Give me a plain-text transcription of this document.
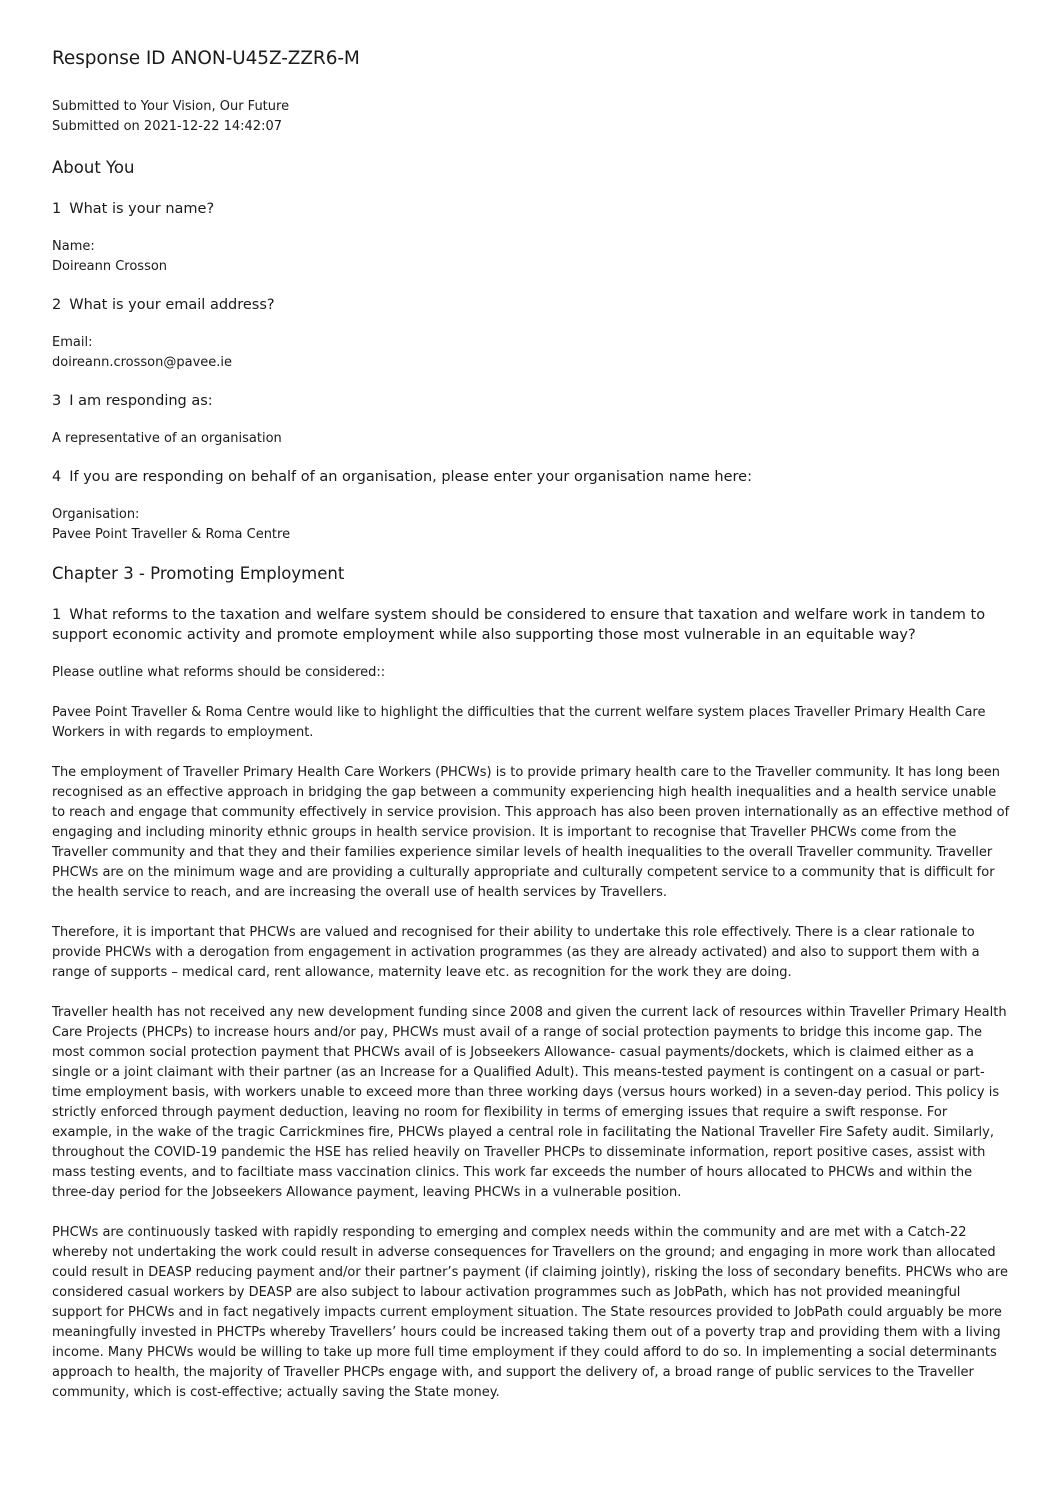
Response ID ANON-U45Z-ZZR6-M

Submitted to Your Vision, Our Future

Submitted on 2021-12-22 14:42:07

About You

1 What is your name?

Name:

Doireann Crosson

2 What is your email address?

Email:

doireann.crosson@pavee.ie

3 I am responding as:

A representative of an organisation

4 If you are responding on behalf of an organisation, please enter your organisation name here:

Organisation:

Pavee Point Traveller & Roma Centre

Chapter 3 - Promoting Employment

1 What reforms to the taxation and welfare system should be considered to ensure that taxation and welfare work in tandem to support economic activity and promote employment while also supporting those most vulnerable in an equitable way?

Please outline what reforms should be considered::

Pavee Point Traveller & Roma Centre would like to highlight the difficulties that the current welfare system places Traveller Primary Health Care Workers in with regards to employment.

The employment of Traveller Primary Health Care Workers (PHCWs) is to provide primary health care to the Traveller community. It has long been recognised as an effective approach in bridging the gap between a community experiencing high health inequalities and a health service unable to reach and engage that community effectively in service provision. This approach has also been proven internationally as an effective method of engaging and including minority ethnic groups in health service provision. It is important to recognise that Traveller PHCWs come from the Traveller community and that they and their families experience similar levels of health inequalities to the overall Traveller community. Traveller PHCWs are on the minimum wage and are providing a culturally appropriate and culturally competent service to a community that is difficult for the health service to reach, and are increasing the overall use of health services by Travellers.

Therefore, it is important that PHCWs are valued and recognised for their ability to undertake this role effectively. There is a clear rationale to provide PHCWs with a derogation from engagement in activation programmes (as they are already activated) and also to support them with a range of supports – medical card, rent allowance, maternity leave etc. as recognition for the work they are doing.

Traveller health has not received any new development funding since 2008 and given the current lack of resources within Traveller Primary Health Care Projects (PHCPs) to increase hours and/or pay, PHCWs must avail of a range of social protection payments to bridge this income gap. The most common social protection payment that PHCWs avail of is Jobseekers Allowance- casual payments/dockets, which is claimed either as a single or a joint claimant with their partner (as an Increase for a Qualified Adult). This means-tested payment is contingent on a casual or part-time employment basis, with workers unable to exceed more than three working days (versus hours worked) in a seven-day period. This policy is strictly enforced through payment deduction, leaving no room for flexibility in terms of emerging issues that require a swift response. For example, in the wake of the tragic Carrickmines fire, PHCWs played a central role in facilitating the National Traveller Fire Safety audit. Similarly, throughout the COVID-19 pandemic the HSE has relied heavily on Traveller PHCPs to disseminate information, report positive cases, assist with mass testing events, and to faciltiate mass vaccination clinics. This work far exceeds the number of hours allocated to PHCWs and within the three-day period for the Jobseekers Allowance payment, leaving PHCWs in a vulnerable position.

PHCWs are continuously tasked with rapidly responding to emerging and complex needs within the community and are met with a Catch-22 whereby not undertaking the work could result in adverse consequences for Travellers on the ground; and engaging in more work than allocated could result in DEASP reducing payment and/or their partner’s payment (if claiming jointly), risking the loss of secondary benefits. PHCWs who are considered casual workers by DEASP are also subject to labour activation programmes such as JobPath, which has not provided meaningful support for PHCWs and in fact negatively impacts current employment situation. The State resources provided to JobPath could arguably be more meaningfully invested in PHCTPs whereby Travellers’ hours could be increased taking them out of a poverty trap and providing them with a living income. Many PHCWs would be willing to take up more full time employment if they could afford to do so. In implementing a social determinants approach to health, the majority of Traveller PHCPs engage with, and support the delivery of, a broad range of public services to the Traveller community, which is cost-effective; actually saving the State money.
